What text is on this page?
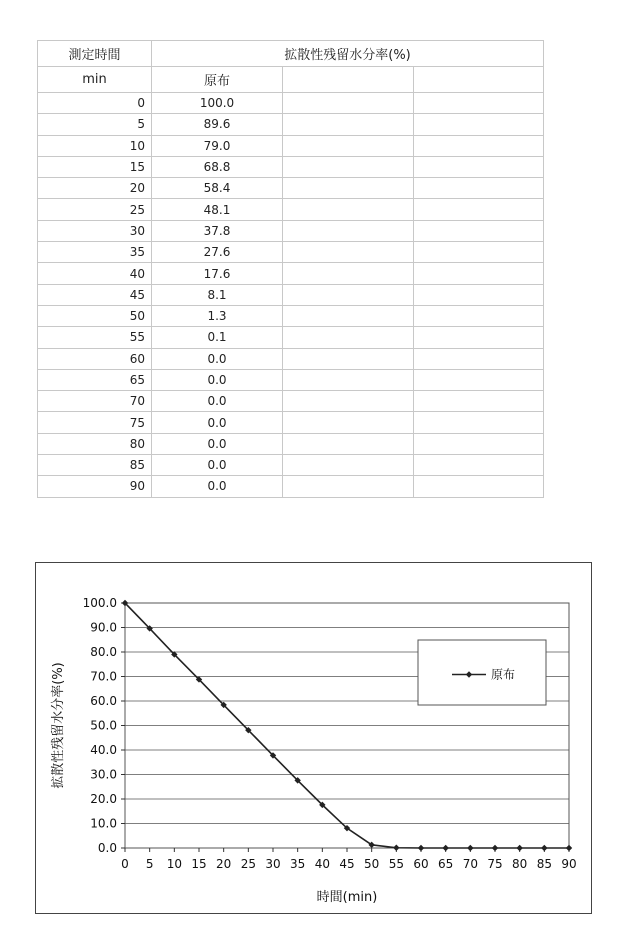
測定時間	拡散性残留水分率(%)		
min	原布		
0	100.0		
5	89.6		
10	79.0		
15	68.8		
20	58.4		
25	48.1		
30	37.8		
35	27.6		
40	17.6		
45	8.1		
50	1.3		
55	0.1		
60	0.0		
65	0.0		
70	0.0		
75	0.0		
80	0.0		
85	0.0		
90	0.0		
0.0
10.0
20.0
30.0
40.0
50.0
60.0
70.0
80.0
90.0
100.0
0 5 10 15 20 25 30 35 40 45 50 55 60 65 70 75 80 85 90
原布
時間(min)
拡散性残留水分率(%)
